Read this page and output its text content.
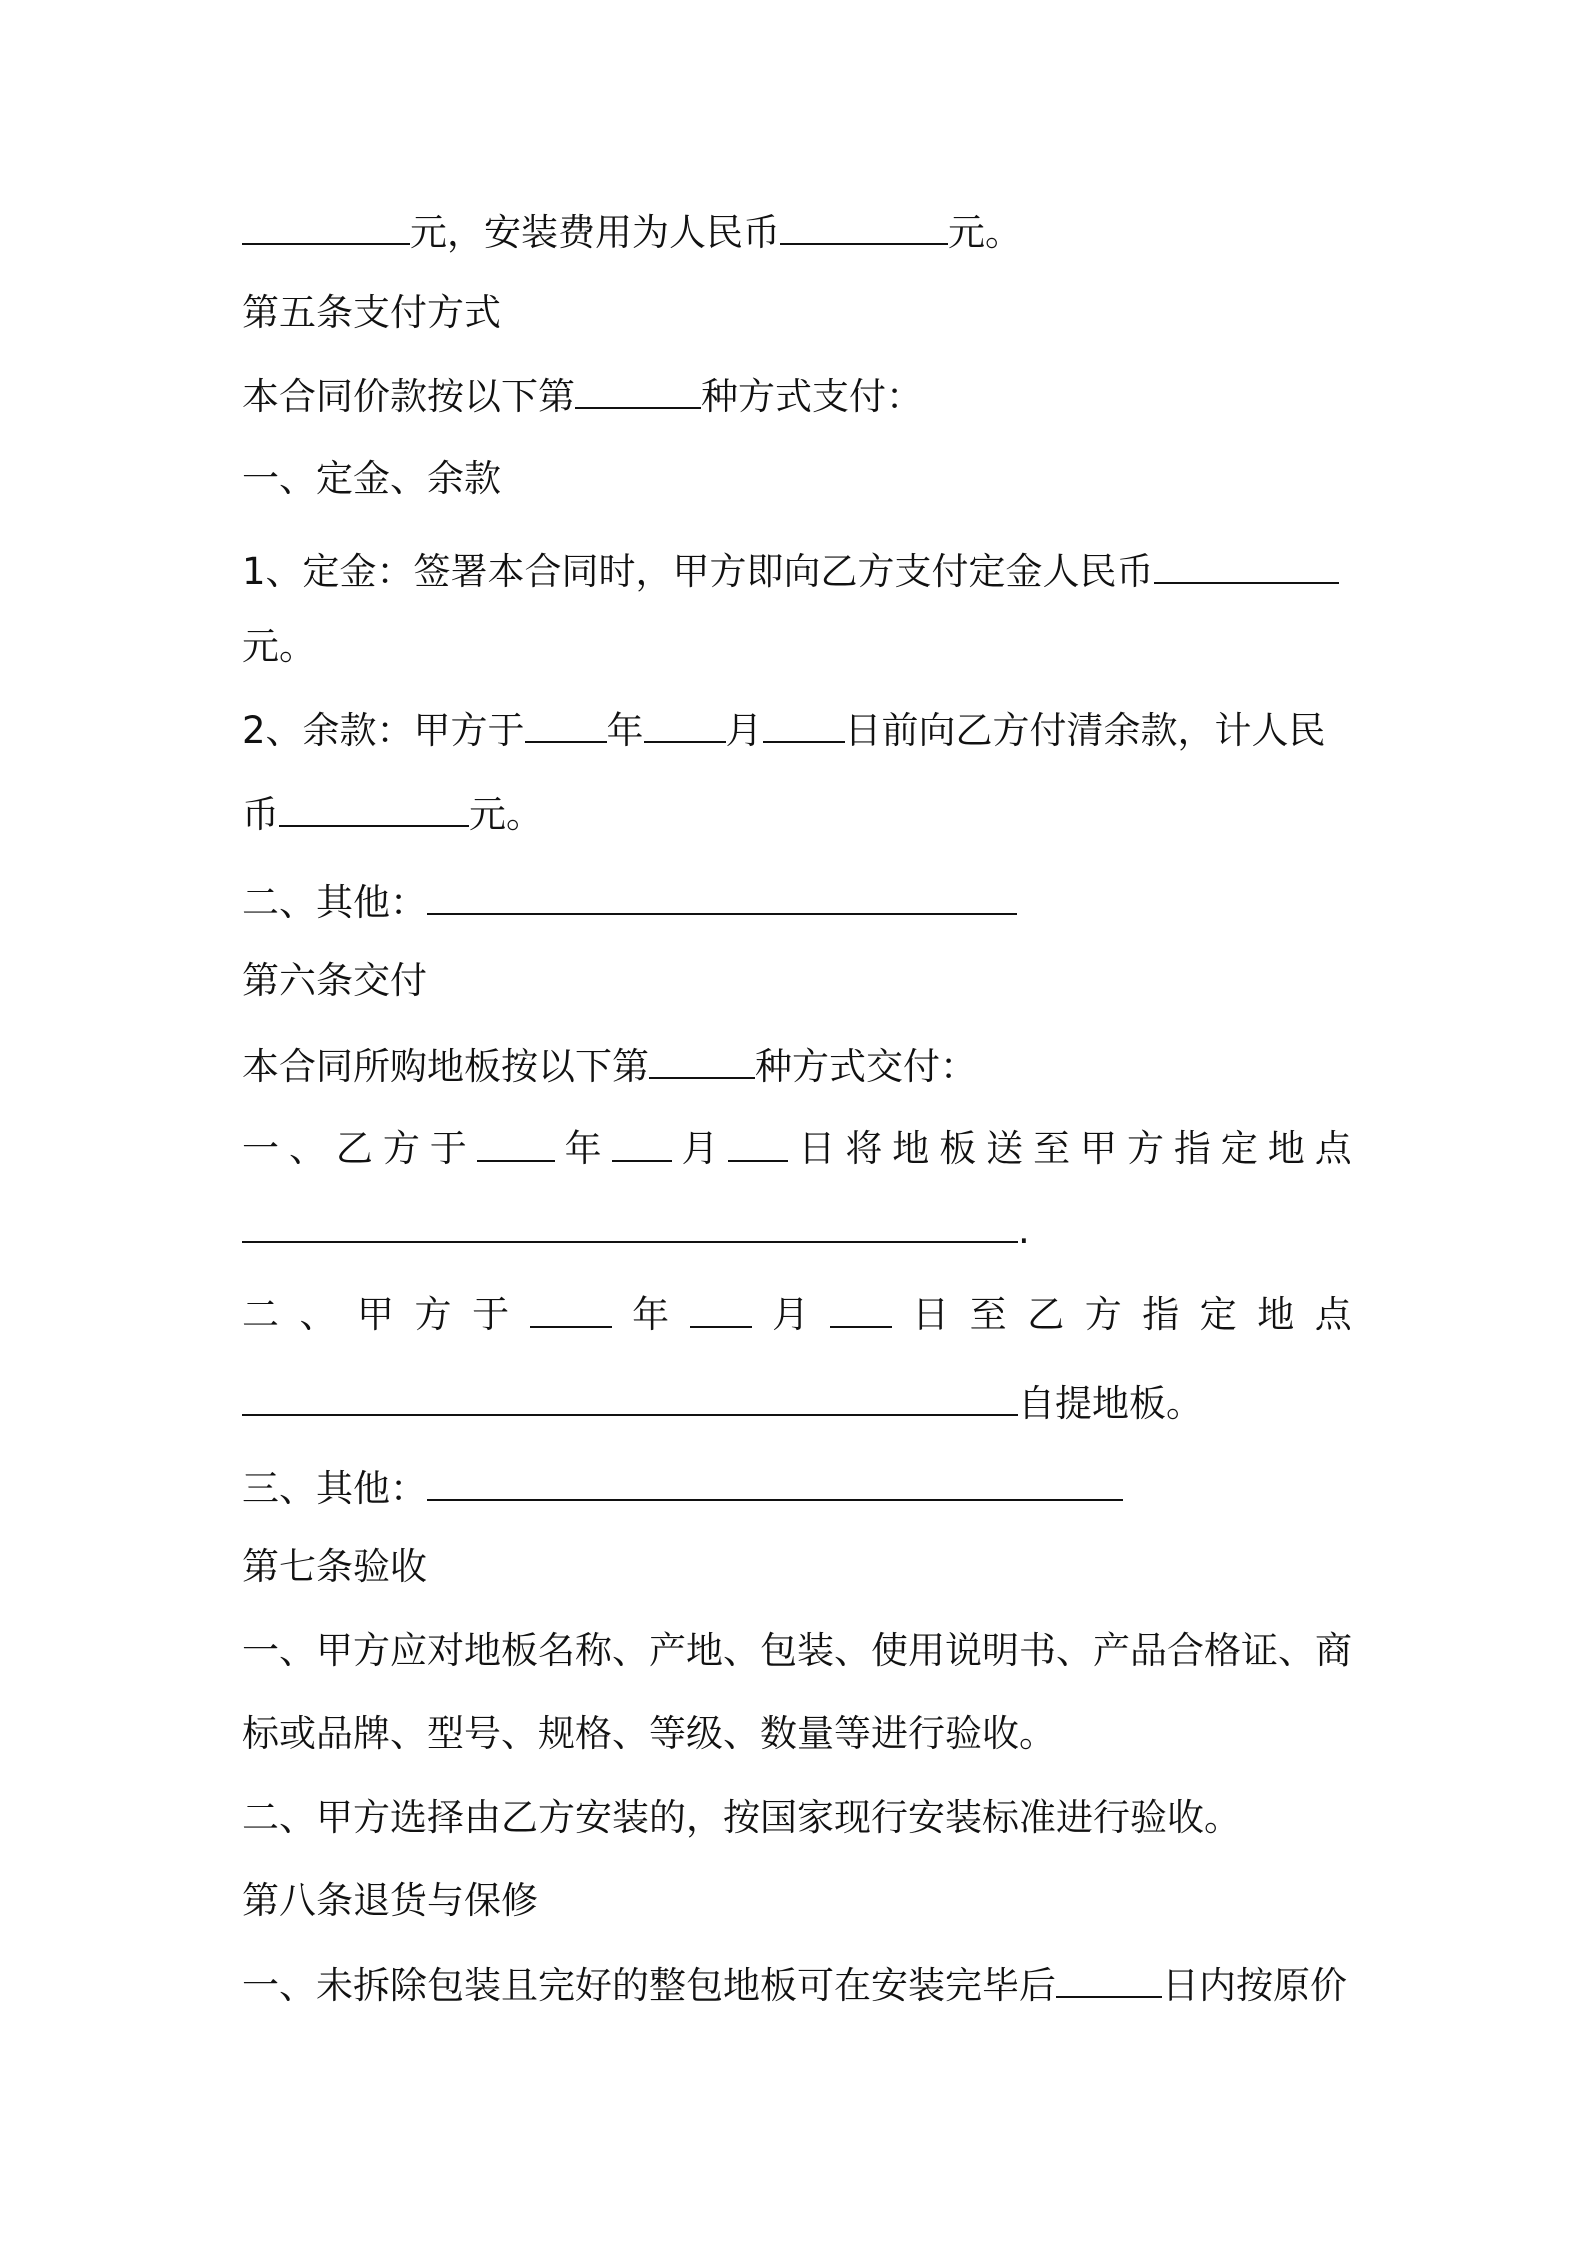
元，安装费用为人民币	元。

第五条支付方式

本合同价款按以下第	种方式支付：

一、定金、余款

1、定金：签署本合同时，甲方即向乙方支付定金人民币

元。

2、余款：甲方于 年 月 日前向乙方付清余款，计人民

币	元。

二、其他：

第六条交付

本合同所购地板按以下第	种方式交付：

一 、 乙 方 于	年 月 日 将 地 板 送 至 甲 方 指 定 地 点

.

二 、 甲 方 于	年	月	日 至 乙 方 指 定 地 点

自提地板。

三、其他：

第七条验收

一、甲方应对地板名称、产地、包装、使用说明书、产品合格证、商

标或品牌、型号、规格、等级、数量等进行验收。

二、甲方选择由乙方安装的，按国家现行安装标准进行验收。

第八条退货与保修

一、未拆除包装且完好的整包地板可在安装完毕后	日内按原价
